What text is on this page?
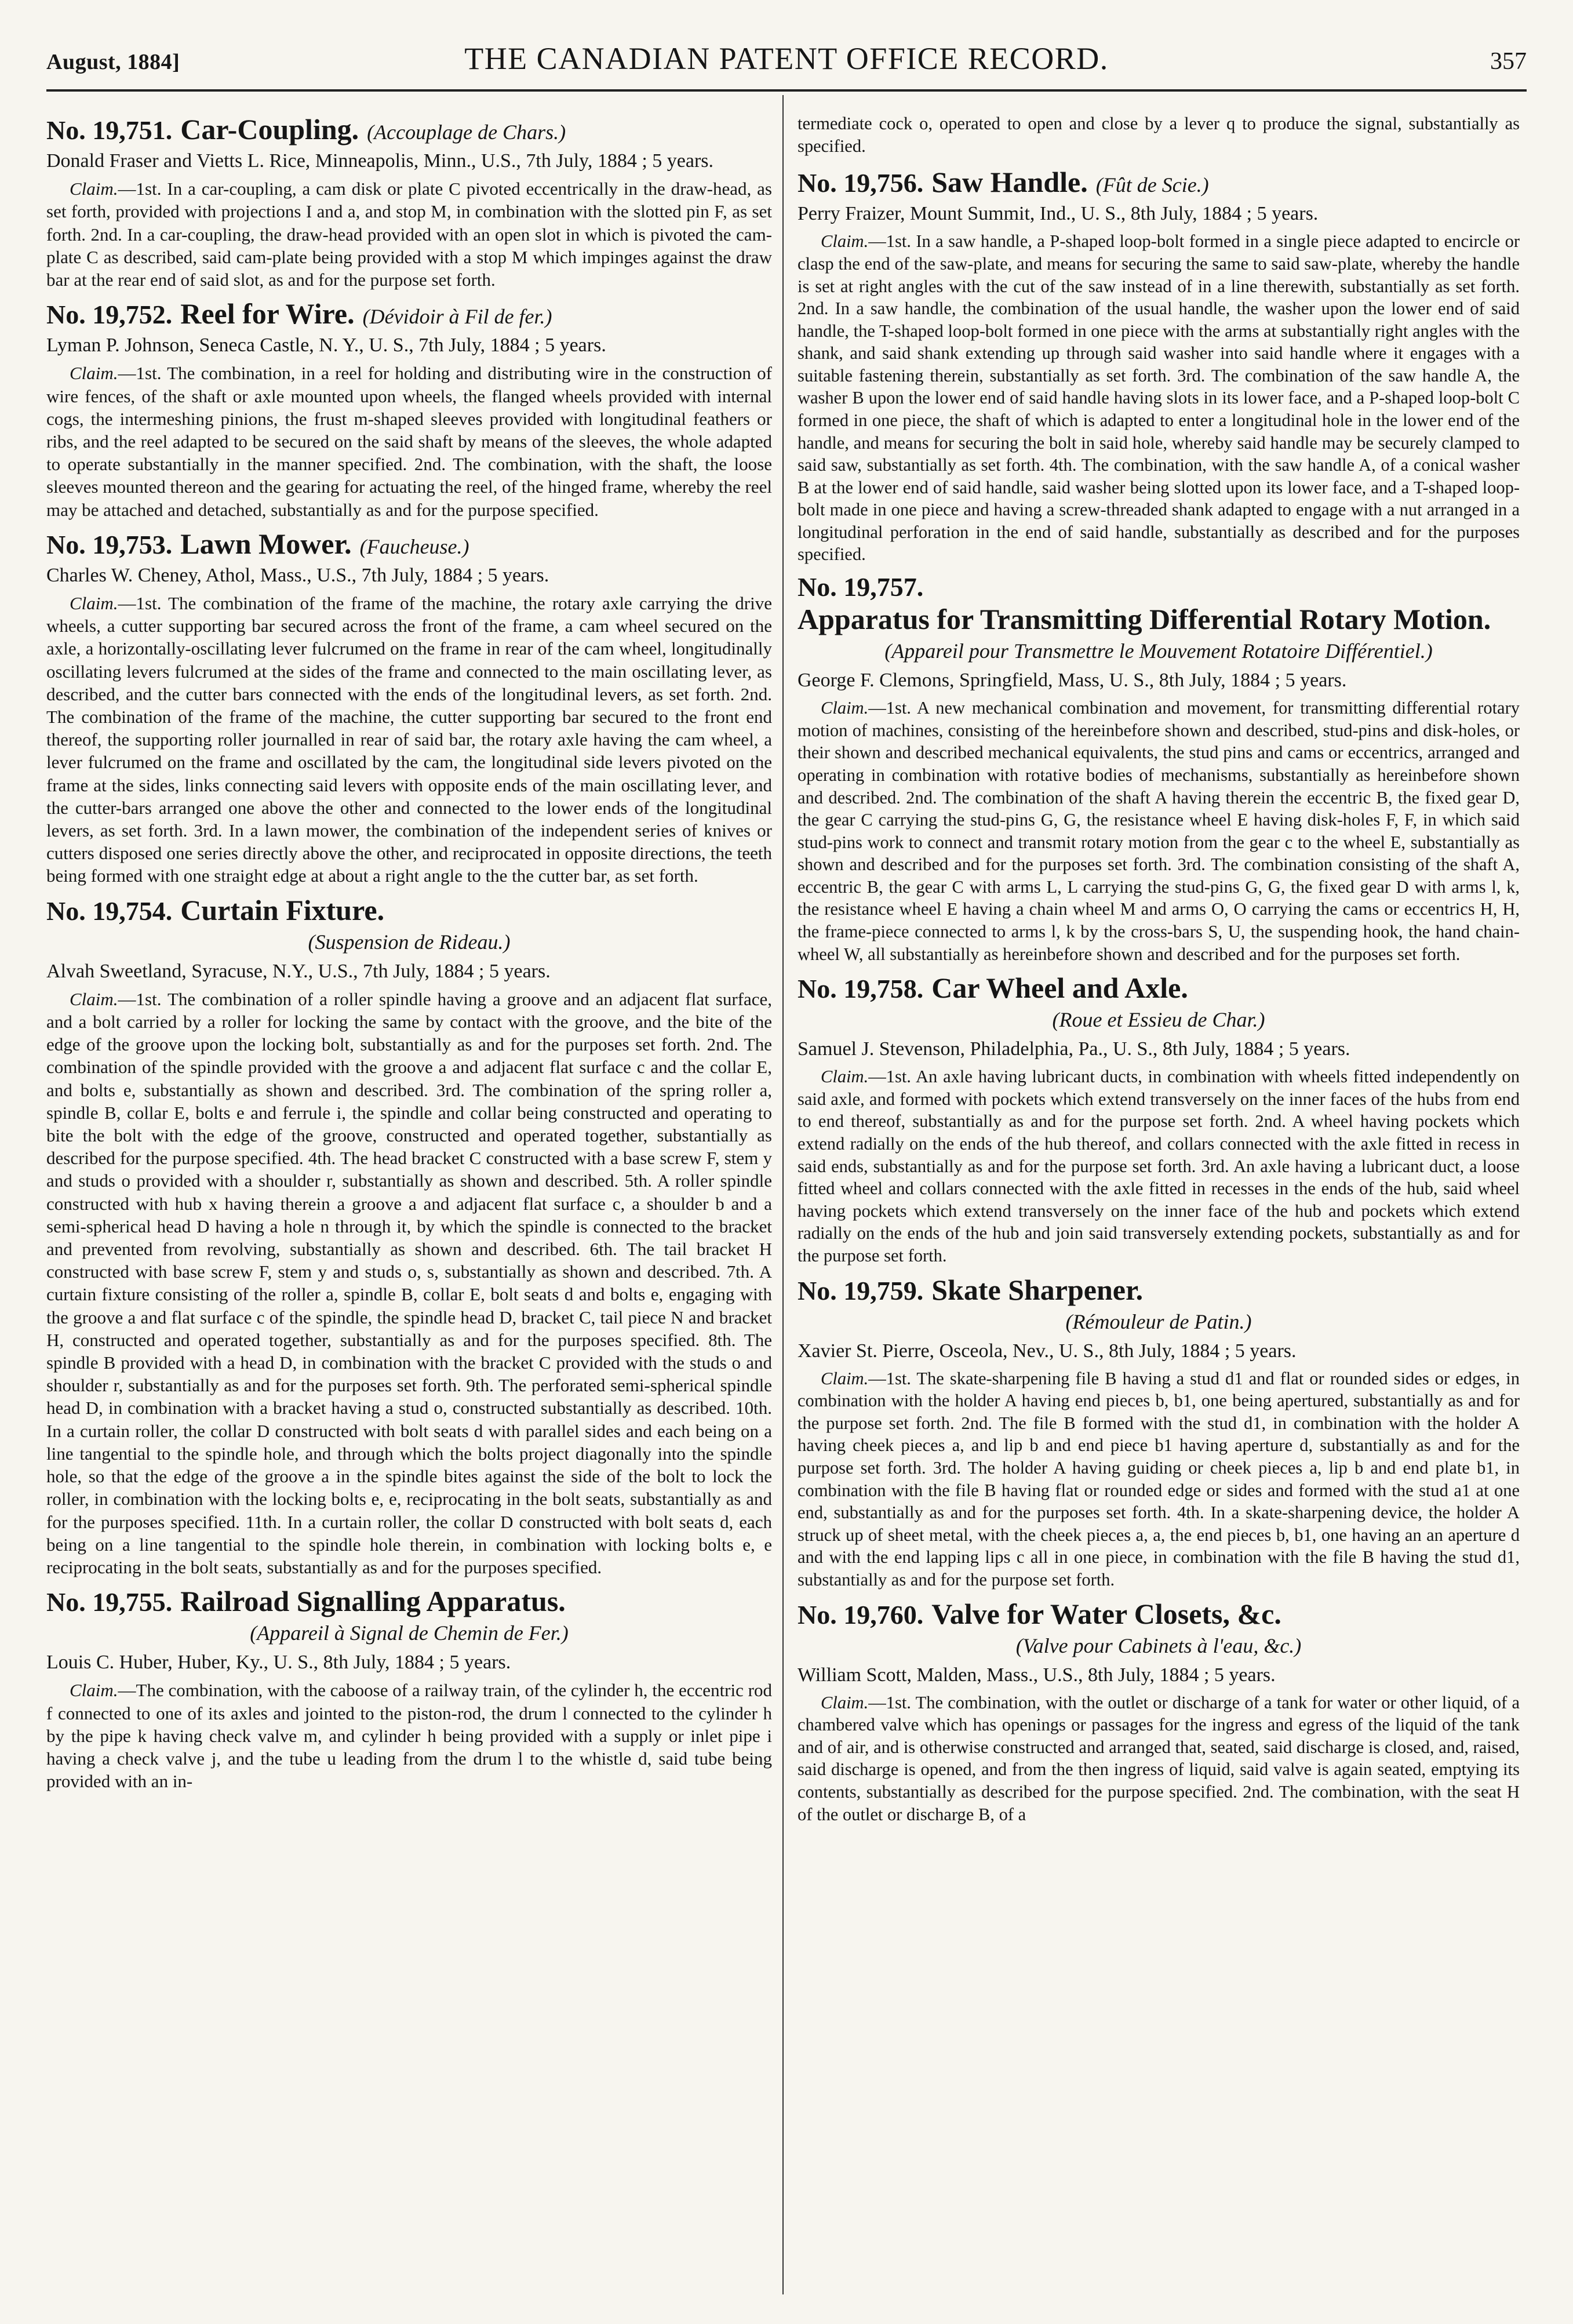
August, 1884]	THE CANADIAN PATENT OFFICE RECORD.	357
No. 19,751. Car-Coupling. (Accouplage de Chars.)

Donald Fraser and Vietts L. Rice, Minneapolis, Minn., U.S., 7th July, 1884 ; 5 years.

Claim.—1st. In a car-coupling, a cam disk or plate C pivoted eccentrically in the draw-head, as set forth, provided with projections I and a, and stop M, in combination with the slotted pin F, as set forth. 2nd. In a car-coupling, the draw-head provided with an open slot in which is pivoted the cam-plate C as described, said cam-plate being provided with a stop M which impinges against the draw bar at the rear end of said slot, as and for the purpose set forth.

No. 19,752. Reel for Wire. (Dévidoir à Fil de fer.)

Lyman P. Johnson, Seneca Castle, N. Y., U. S., 7th July, 1884 ; 5 years.

Claim.—1st. The combination, in a reel for holding and distributing wire in the construction of wire fences, of the shaft or axle mounted upon wheels, the flanged wheels provided with internal cogs, the intermeshing pinions, the frust m-shaped sleeves provided with longitudinal feathers or ribs, and the reel adapted to be secured on the said shaft by means of the sleeves, the whole adapted to operate substantially in the manner specified. 2nd. The combination, with the shaft, the loose sleeves mounted thereon and the gearing for actuating the reel, of the hinged frame, whereby the reel may be attached and detached, substantially as and for the purpose specified.

No. 19,753. Lawn Mower. (Faucheuse.)

Charles W. Cheney, Athol, Mass., U.S., 7th July, 1884 ; 5 years.

Claim.—1st. The combination of the frame of the machine, the rotary axle carrying the drive wheels, a cutter supporting bar secured across the front of the frame, a cam wheel secured on the axle, a horizontally-oscillating lever fulcrumed on the frame in rear of the cam wheel, longitudinally oscillating levers fulcrumed at the sides of the frame and connected to the main oscillating lever, as described, and the cutter bars connected with the ends of the longitudinal levers, as set forth. 2nd. The combination of the frame of the machine, the cutter supporting bar secured to the front end thereof, the supporting roller journalled in rear of said bar, the rotary axle having the cam wheel, a lever fulcrumed on the frame and oscillated by the cam, the longitudinal side levers pivoted on the frame at the sides, links connecting said levers with opposite ends of the main oscillating lever, and the cutter-bars arranged one above the other and connected to the lower ends of the longitudinal levers, as set forth. 3rd. In a lawn mower, the combination of the independent series of knives or cutters disposed one series directly above the other, and reciprocated in opposite directions, the teeth being formed with one straight edge at about a right angle to the the cutter bar, as set forth.

No. 19,754. Curtain Fixture.
(Suspension de Rideau.)

Alvah Sweetland, Syracuse, N.Y., U.S., 7th July, 1884 ; 5 years.

Claim.—1st. The combination of a roller spindle having a groove and an adjacent flat surface, and a bolt carried by a roller for locking the same by contact with the groove, and the bite of the edge of the groove upon the locking bolt, substantially as and for the purposes set forth. 2nd. The combination of the spindle provided with the groove a and adjacent flat surface c and the collar E, and bolts e, substantially as shown and described. 3rd. The combination of the spring roller a, spindle B, collar E, bolts e and ferrule i, the spindle and collar being constructed and operating to bite the bolt with the edge of the groove, constructed and operated together, substantially as described for the purpose specified. 4th. The head bracket C constructed with a base screw F, stem y and studs o provided with a shoulder r, substantially as shown and described. 5th. A roller spindle constructed with hub x having therein a groove a and adjacent flat surface c, a shoulder b and a semi-spherical head D having a hole n through it, by which the spindle is connected to the bracket and prevented from revolving, substantially as shown and described. 6th. The tail bracket H constructed with base screw F, stem y and studs o, s, substantially as shown and described. 7th. A curtain fixture consisting of the roller a, spindle B, collar E, bolt seats d and bolts e, engaging with the groove a and flat surface c of the spindle, the spindle head D, bracket C, tail piece N and bracket H, constructed and operated together, substantially as and for the purposes specified. 8th. The spindle B provided with a head D, in combination with the bracket C provided with the studs o and shoulder r, substantially as and for the purposes set forth. 9th. The perforated semi-spherical spindle head D, in combination with a bracket having a stud o, constructed substantially as described. 10th. In a curtain roller, the collar D constructed with bolt seats d with parallel sides and each being on a line tangential to the spindle hole, and through which the bolts project diagonally into the spindle hole, so that the edge of the groove a in the spindle bites against the side of the bolt to lock the roller, in combination with the locking bolts e, e, reciprocating in the bolt seats, substantially as and for the purposes specified. 11th. In a curtain roller, the collar D constructed with bolt seats d, each being on a line tangential to the spindle hole therein, in combination with locking bolts e, e reciprocating in the bolt seats, substantially as and for the purposes specified.

No. 19,755. Railroad Signalling Apparatus.
(Appareil à Signal de Chemin de Fer.)

Louis C. Huber, Huber, Ky., U. S., 8th July, 1884 ; 5 years.

Claim.—The combination, with the caboose of a railway train, of the cylinder h, the eccentric rod f connected to one of its axles and jointed to the piston-rod, the drum l connected to the cylinder h by the pipe k having check valve m, and cylinder h being provided with a supply or inlet pipe i having a check valve j, and the tube u leading from the drum l to the whistle d, said tube being provided with an in-

termediate cock o, operated to open and close by a lever q to produce the signal, substantially as specified.

No. 19,756. Saw Handle. (Fût de Scie.)

Perry Fraizer, Mount Summit, Ind., U. S., 8th July, 1884 ; 5 years.

Claim.—1st. In a saw handle, a P-shaped loop-bolt formed in a single piece adapted to encircle or clasp the end of the saw-plate, and means for securing the same to said saw-plate, whereby the handle is set at right angles with the cut of the saw instead of in a line therewith, substantially as set forth. 2nd. In a saw handle, the combination of the usual handle, the washer upon the lower end of said handle, the T-shaped loop-bolt formed in one piece with the arms at substantially right angles with the shank, and said shank extending up through said washer into said handle where it engages with a suitable fastening therein, substantially as set forth. 3rd. The combination of the saw handle A, the washer B upon the lower end of said handle having slots in its lower face, and a P-shaped loop-bolt C formed in one piece, the shaft of which is adapted to enter a longitudinal hole in the lower end of the handle, and means for securing the bolt in said hole, whereby said handle may be securely clamped to said saw, substantially as set forth. 4th. The combination, with the saw handle A, of a conical washer B at the lower end of said handle, said washer being slotted upon its lower face, and a T-shaped loop-bolt made in one piece and having a screw-threaded shank adapted to engage with a nut arranged in a longitudinal perforation in the end of said handle, substantially as described and for the purposes specified.

No. 19,757.
Apparatus for Transmitting Differential Rotary Motion.
(Appareil pour Transmettre le Mouvement Rotatoire Différentiel.)

George F. Clemons, Springfield, Mass, U. S., 8th July, 1884 ; 5 years.

Claim.—1st. A new mechanical combination and movement, for transmitting differential rotary motion of machines, consisting of the hereinbefore shown and described, stud-pins and disk-holes, or their shown and described mechanical equivalents, the stud pins and cams or eccentrics, arranged and operating in combination with rotative bodies of mechanisms, substantially as hereinbefore shown and described. 2nd. The combination of the shaft A having therein the eccentric B, the fixed gear D, the gear C carrying the stud-pins G, G, the resistance wheel E having disk-holes F, F, in which said stud-pins work to connect and transmit rotary motion from the gear c to the wheel E, substantially as shown and described and for the purposes set forth. 3rd. The combination consisting of the shaft A, eccentric B, the gear C with arms L, L carrying the stud-pins G, G, the fixed gear D with arms l, k, the resistance wheel E having a chain wheel M and arms O, O carrying the cams or eccentrics H, H, the frame-piece connected to arms l, k by the cross-bars S, U, the suspending hook, the hand chain-wheel W, all substantially as hereinbefore shown and described and for the purposes set forth.

No. 19,758. Car Wheel and Axle.
(Roue et Essieu de Char.)

Samuel J. Stevenson, Philadelphia, Pa., U. S., 8th July, 1884 ; 5 years.

Claim.—1st. An axle having lubricant ducts, in combination with wheels fitted independently on said axle, and formed with pockets which extend transversely on the inner faces of the hubs from end to end thereof, substantially as and for the purpose set forth. 2nd. A wheel having pockets which extend radially on the ends of the hub thereof, and collars connected with the axle fitted in recess in said ends, substantially as and for the purpose set forth. 3rd. An axle having a lubricant duct, a loose fitted wheel and collars connected with the axle fitted in recesses in the ends of the hub, said wheel having pockets which extend transversely on the inner face of the hub and pockets which extend radially on the ends of the hub and join said transversely extending pockets, substantially as and for the purpose set forth.

No. 19,759. Skate Sharpener.
(Rémouleur de Patin.)

Xavier St. Pierre, Osceola, Nev., U. S., 8th July, 1884 ; 5 years.

Claim.—1st. The skate-sharpening file B having a stud d1 and flat or rounded sides or edges, in combination with the holder A having end pieces b, b1, one being apertured, substantially as and for the purpose set forth. 2nd. The file B formed with the stud d1, in combination with the holder A having cheek pieces a, and lip b and end piece b1 having aperture d, substantially as and for the purpose set forth. 3rd. The holder A having guiding or cheek pieces a, lip b and end plate b1, in combination with the file B having flat or rounded edge or sides and formed with the stud a1 at one end, substantially as and for the purposes set forth. 4th. In a skate-sharpening device, the holder A struck up of sheet metal, with the cheek pieces a, a, the end pieces b, b1, one having an an aperture d and with the end lapping lips c all in one piece, in combination with the file B having the stud d1, substantially as and for the purpose set forth.

No. 19,760. Valve for Water Closets, &c.
(Valve pour Cabinets à l'eau, &c.)

William Scott, Malden, Mass., U.S., 8th July, 1884 ; 5 years.

Claim.—1st. The combination, with the outlet or discharge of a tank for water or other liquid, of a chambered valve which has openings or passages for the ingress and egress of the liquid of the tank and of air, and is otherwise constructed and arranged that, seated, said discharge is closed, and, raised, said discharge is opened, and from the then ingress of liquid, said valve is again seated, emptying its contents, substantially as described for the purpose specified. 2nd. The combination, with the seat H of the outlet or discharge B, of a
